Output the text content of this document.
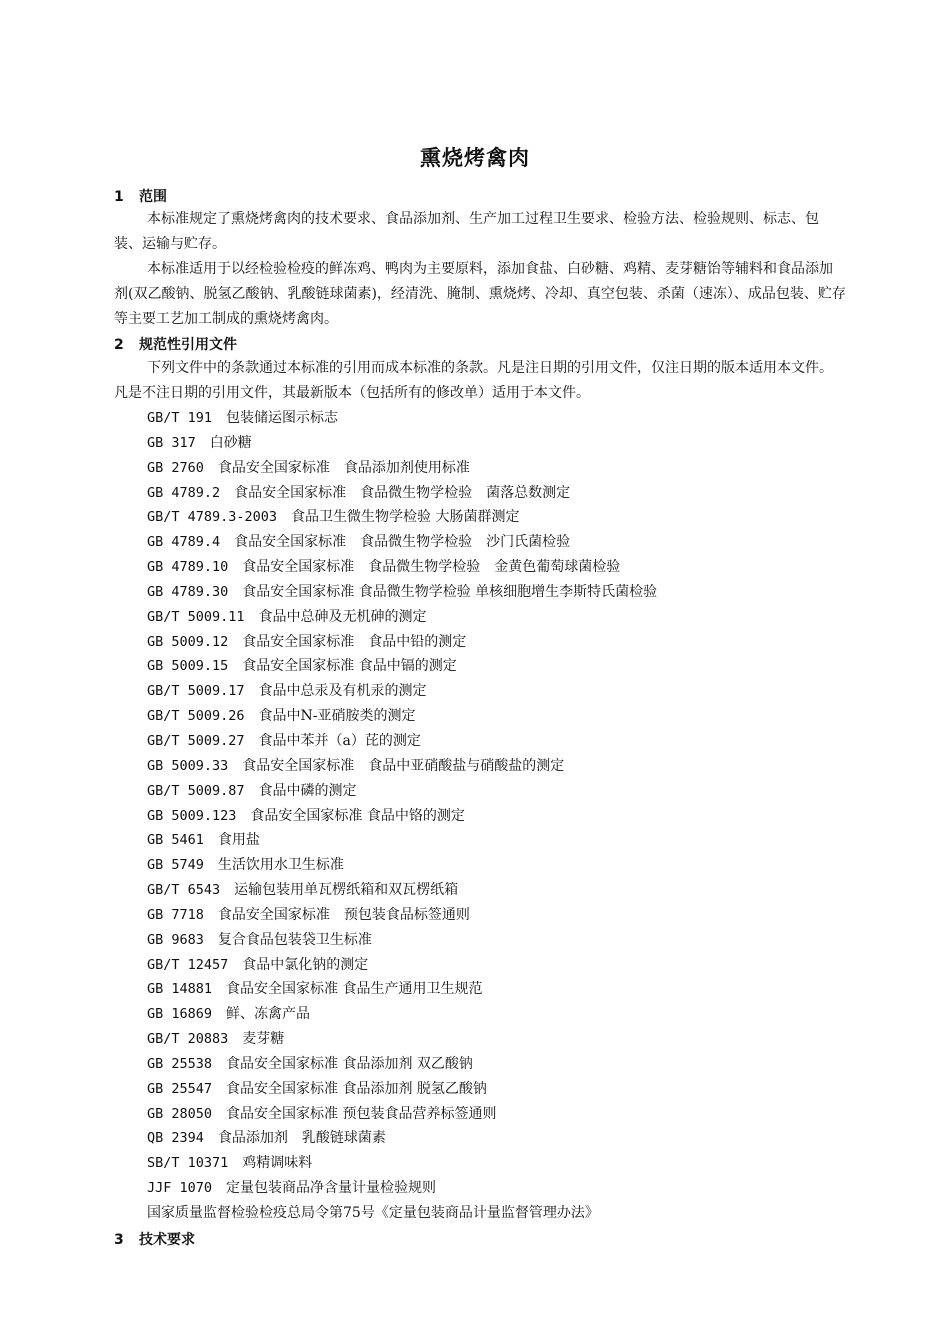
熏烧烤禽肉
1 范围
本标准规定了熏烧烤禽肉的技术要求、食品添加剂、生产加工过程卫生要求、检验方法、检验规则、标志、包装、运输与贮存。
本标准适用于以经检验检疫的鲜冻鸡、鸭肉为主要原料，添加食盐、白砂糖、鸡精、麦芽糖饴等辅料和食品添加剂(双乙酸钠、脱氢乙酸钠、乳酸链球菌素)，经清洗、腌制、熏烧烤、冷却、真空包装、杀菌（速冻）、成品包装、贮存等主要工艺加工制成的熏烧烤禽肉。
2 规范性引用文件
下列文件中的条款通过本标准的引用而成本标准的条款。凡是注日期的引用文件，仅注日期的版本适用本文件。凡是不注日期的引用文件，其最新版本（包括所有的修改单）适用于本文件。
GB/T 191  包装储运图示标志
GB 317  白砂糖
GB 2760  食品安全国家标准　食品添加剂使用标准
GB 4789.2  食品安全国家标准　食品微生物学检验　菌落总数测定
GB/T 4789.3-2003  食品卫生微生物学检验 大肠菌群测定
GB 4789.4  食品安全国家标准　食品微生物学检验　沙门氏菌检验
GB 4789.10  食品安全国家标准　食品微生物学检验　金黄色葡萄球菌检验
GB 4789.30  食品安全国家标准 食品微生物学检验 单核细胞增生李斯特氏菌检验
GB/T 5009.11  食品中总砷及无机砷的测定
GB 5009.12  食品安全国家标准　食品中铅的测定
GB 5009.15  食品安全国家标准 食品中镉的测定
GB/T 5009.17  食品中总汞及有机汞的测定
GB/T 5009.26  食品中N-亚硝胺类的测定
GB/T 5009.27  食品中苯并（a）芘的测定
GB 5009.33  食品安全国家标准　食品中亚硝酸盐与硝酸盐的测定
GB/T 5009.87  食品中磷的测定
GB 5009.123  食品安全国家标准 食品中铬的测定
GB 5461  食用盐
GB 5749  生活饮用水卫生标准
GB/T 6543  运输包装用单瓦楞纸箱和双瓦楞纸箱
GB 7718  食品安全国家标准　预包装食品标签通则
GB 9683  复合食品包装袋卫生标准
GB/T 12457  食品中氯化钠的测定
GB 14881  食品安全国家标准 食品生产通用卫生规范
GB 16869  鲜、冻禽产品
GB/T 20883  麦芽糖
GB 25538  食品安全国家标准 食品添加剂 双乙酸钠
GB 25547  食品安全国家标准 食品添加剂 脱氢乙酸钠
GB 28050  食品安全国家标准 预包装食品营养标签通则
QB 2394  食品添加剂　乳酸链球菌素
SB/T 10371  鸡精调味料
JJF 1070  定量包装商品净含量计量检验规则
国家质量监督检验检疫总局令第75号《定量包装商品计量监督管理办法》
3 技术要求
